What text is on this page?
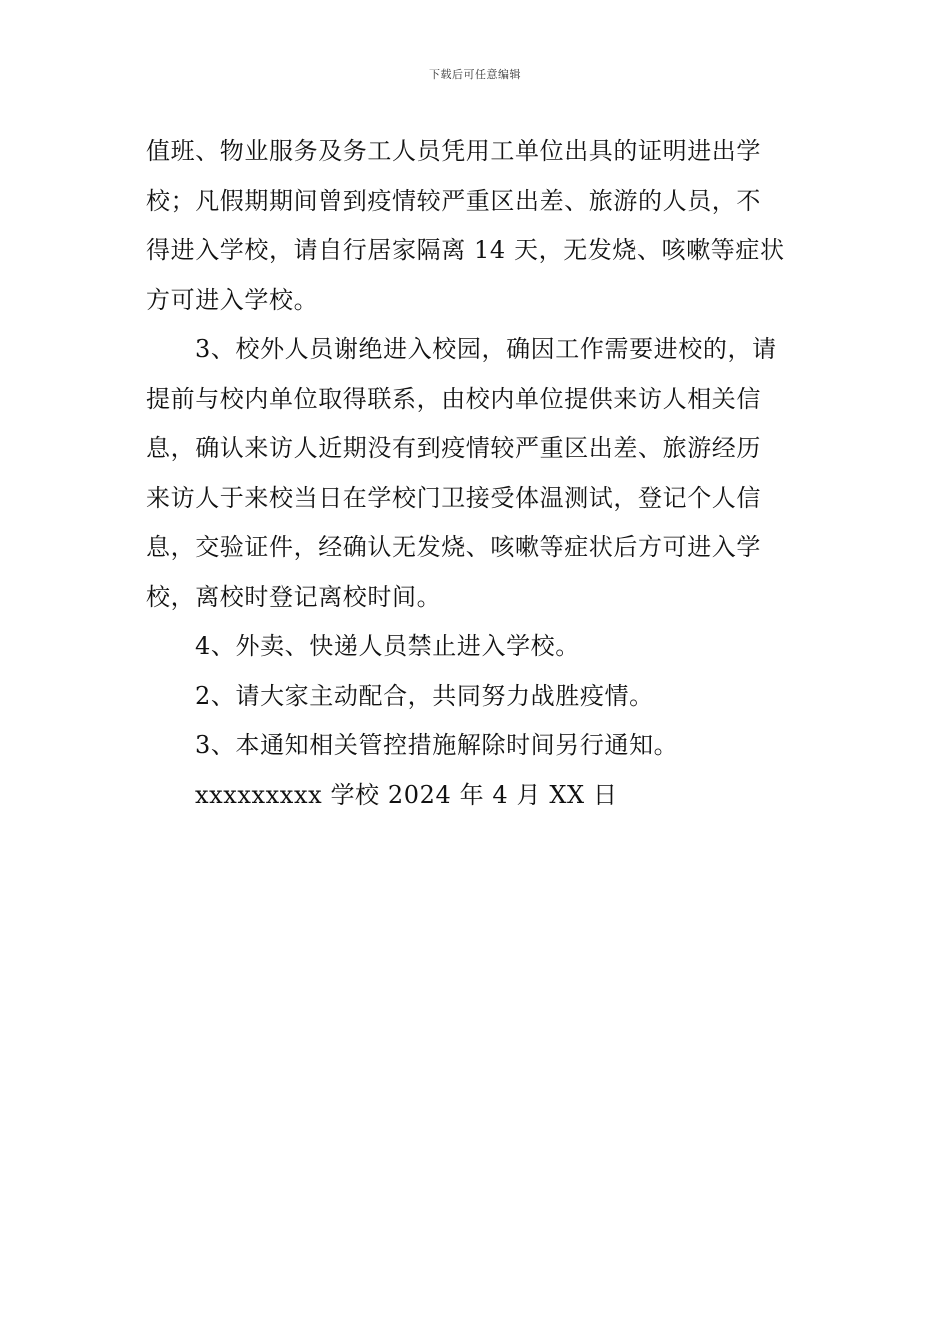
下载后可任意编辑
值班、物业服务及务工人员凭用工单位出具的证明进出学
校；凡假期期间曾到疫情较严重区出差、旅游的人员，不
得进入学校，请自行居家隔离 14 天，无发烧、咳嗽等症状
方可进入学校。
3、校外人员谢绝进入校园，确因工作需要进校的，请
提前与校内单位取得联系，由校内单位提供来访人相关信
息，确认来访人近期没有到疫情较严重区出差、旅游经历
来访人于来校当日在学校门卫接受体温测试，登记个人信
息，交验证件，经确认无发烧、咳嗽等症状后方可进入学
校，离校时登记离校时间。
4、外卖、快递人员禁止进入学校。
2、请大家主动配合，共同努力战胜疫情。
3、本通知相关管控措施解除时间另行通知。
xxxxxxxxx 学校 2024 年 4 月 XX 日
